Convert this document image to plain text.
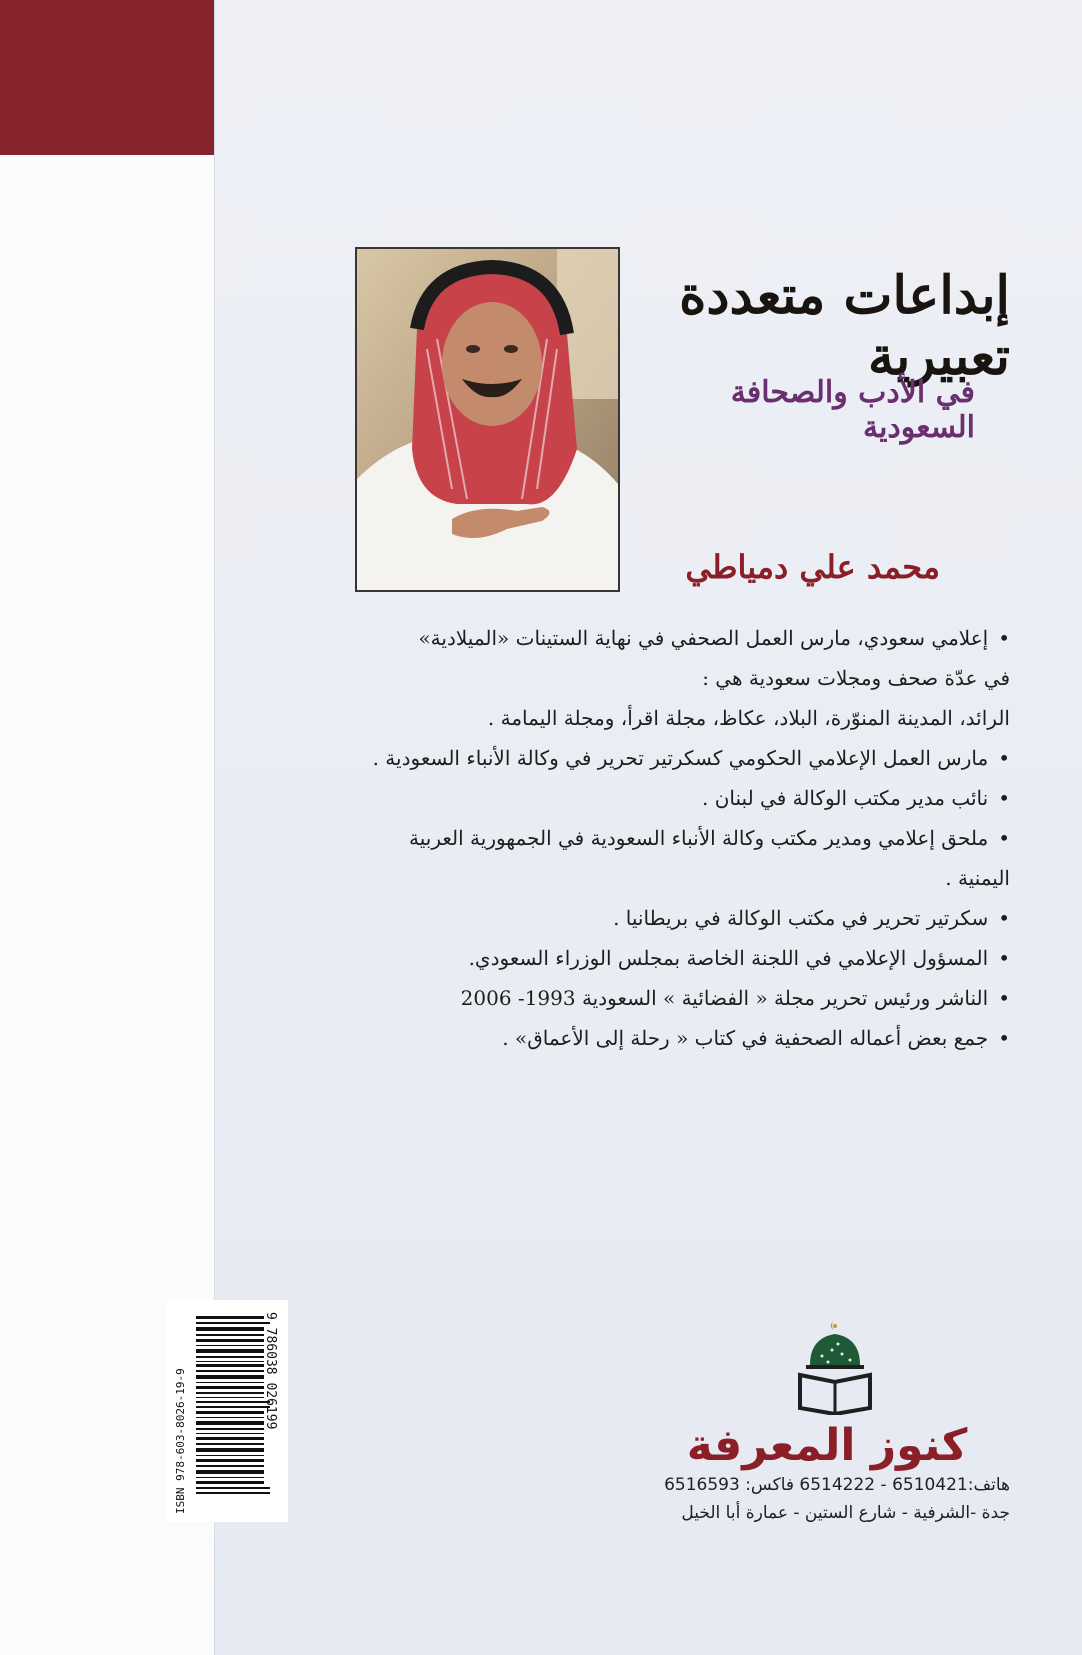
إبداعات متعددة تعبيرية
في الأدب والصحافة السعودية
محمد علي دمياطي

• إعلامي سعودي، مارس العمل الصحفي في نهاية الستينات «الميلادية»

في عدّة صحف ومجلات سعودية هي :

الرائد، المدينة المنوّرة، البلاد، عكاظ، مجلة اقرأ، ومجلة اليمامة .

• مارس العمل الإعلامي الحكومي كسكرتير تحرير في وكالة الأنباء السعودية .

• نائب مدير مكتب الوكالة في لبنان .

• ملحق إعلامي ومدير مكتب وكالة الأنباء السعودية في الجمهورية العربية

اليمنية .

• سكرتير تحرير في مكتب الوكالة في بريطانيا .

• المسؤول الإعلامي في اللجنة الخاصة بمجلس الوزراء السعودي.

• الناشر ورئيس تحرير مجلة « الفضائية » السعودية 1993- 2006

• جمع بعض أعماله الصحفية في كتاب « رحلة إلى الأعماق» .

ISBN 978-603-8026-19-9	9 786038 026199
كنوز المعرفة
هاتف:6510421 - 6514222 فاكس: 6516593
جدة -الشرفية - شارع الستين - عمارة أبا الخيل
